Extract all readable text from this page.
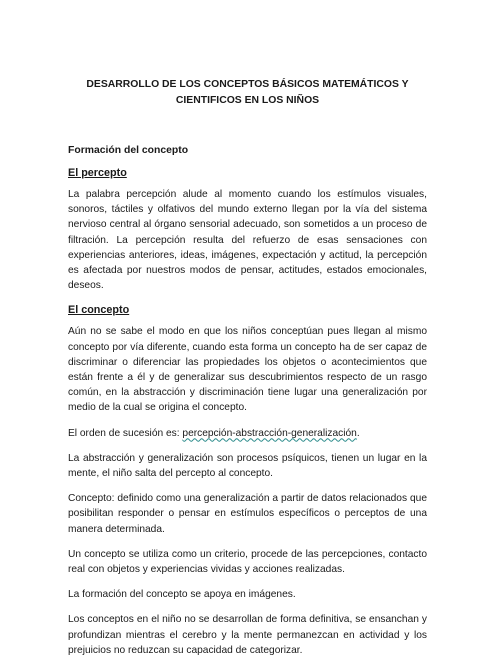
DESARROLLO DE LOS CONCEPTOS BÁSICOS MATEMÁTICOS Y CIENTIFICOS EN LOS NIÑOS
Formación del concepto
El percepto

La palabra percepción alude al momento cuando los estímulos visuales, sonoros, táctiles y olfativos del mundo externo llegan por la vía del sistema nervioso central al órgano sensorial adecuado, son sometidos a un proceso de filtración. La percepción resulta del refuerzo de esas sensaciones con experiencias anteriores, ideas, imágenes, expectación y actitud, la percepción es afectada por nuestros modos de pensar, actitudes, estados emocionales, deseos.

El concepto

Aún no se sabe el modo en que los niños conceptúan pues llegan al mismo concepto por vía diferente, cuando esta forma un concepto ha de ser capaz de discriminar o diferenciar las propiedades los objetos o acontecimientos que están frente a él y de generalizar sus descubrimientos respecto de un rasgo común, en la abstracción y discriminación tiene lugar una generalización por medio de la cual se origina el concepto.

El orden de sucesión es: percepción-abstracción-generalización.

La abstracción y generalización son procesos psíquicos, tienen un lugar en la mente, el niño salta del percepto al concepto.

Concepto: definido como una generalización a partir de datos relacionados que posibilitan responder o pensar en estímulos específicos o perceptos de una manera determinada.

Un concepto se utiliza como un criterio, procede de las percepciones, contacto real con objetos y experiencias vividas y acciones realizadas.

La formación del concepto se apoya en imágenes.

Los conceptos en el niño no se desarrollan de forma definitiva, se ensanchan y profundizan mientras el cerebro y la mente permanezcan en actividad y los prejuicios no reduzcan su capacidad de categorizar.
